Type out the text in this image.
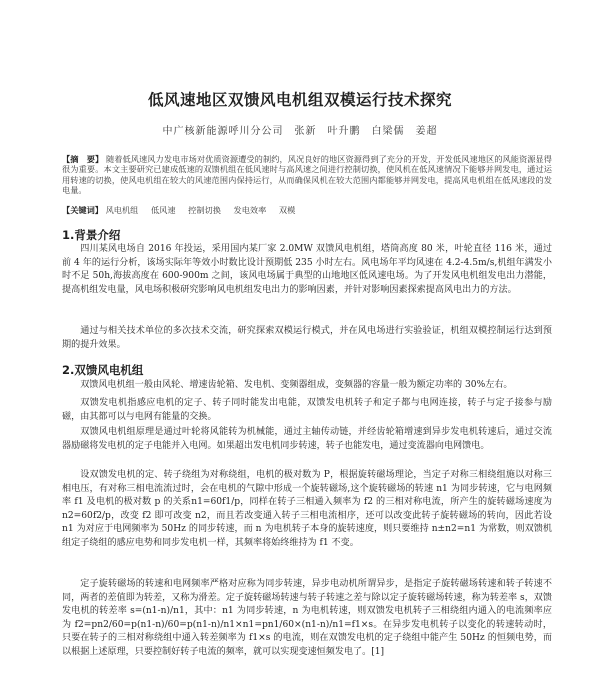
低风速地区双馈风电机组双模运行技术探究
中广核新能源呼川分公司　张新　叶升鹏　白梁儒　姜超
【摘　要】 随着低风速风力发电市场对优质资源遭受的制约，风况良好的地区资源得到了充分的开发，开发低风速地区的风能资源显得很为重要。本文主要研究已建成低速的双馈机组在低风速时与高风速之间进行控制切换，使风机在低风速情况下能够并网发电，通过运用转速的切换，使风电机组在较大的风速范围内保持运行，从而确保风机在较大范围内都能够并网发电，提高风电机组在低风速段的发电量。
【关键词】 风电机组 低风速 控制切换 发电效率 双模
1.背景介绍
四川某风电场自 2016 年投运，采用国内某厂家 2.0MW 双馈风电机组，塔筒高度 80 米，叶轮直径 116 米，通过前 4 年的运行分析，该场实际年等效小时数比设计预期低 235 小时左右。风电场年平均风速在 4.2-4.5m/s,机组年满发小时不足 50h,海拔高度在 600-900m 之间，该风电场属于典型的山地地区低风速电场。为了开发风电机组发电出力潜能，提高机组发电量，风电场积极研究影响风电机组发电出力的影响因素，并针对影响因素探索提高风电出力的方法。
通过与相关技术单位的多次技术交流，研究探索双模运行模式，并在风电场进行实验验证，机组双模控制运行达到预期的提升效果。
2.双馈风电机组
双馈风电机组一般由风轮、增速齿轮箱、发电机、变频器组成，变频器的容量一般为额定功率的 30%左右。
双馈发电机指感应电机的定子、转子同时能发出电能，双馈发电机转子和定子都与电网连接，转子与定子接参与励磁，由其都可以与电网有能量的交换。
双馈风电机组原理是通过叶轮将风能转为机械能，通过主轴传动链，并经齿轮箱增速到异步发电机转速后，通过交流器励磁将发电机的定子电能并入电网。如果超出发电机同步转速，转子也能发电，通过变流器向电网馈电。
设双馈发电机的定、转子绕组为对称绕组，电机的极对数为 P，根据旋转磁场理论，当定子对称三相绕组施以对称三相电压，有对称三相电流流过时，会在电机的气隙中形成一个旋转磁场,这个旋转磁场的转速 n1 为同步转速，它与电网频率 f1 及电机的极对数 p 的关系n1=60f1/p，同样在转子三相通入频率为 f2 的三相对称电流，所产生的旋转磁场速度为 n2=60f2/p，改变 f2 即可改变 n2，而且若改变通入转子三相电流相序，还可以改变此转子旋转磁场的转向，因此若设 n1 为对应于电网频率为 50Hz 的同步转速，而 n 为电机转子本身的旋转速度，则只要维持 n±n2=n1 为常数，则双馈机组定子绕组的感应电势和同步发电机一样，其频率将始终维持为 f1 不变。
定子旋转磁场的转速和电网频率严格对应称为同步转速，异步电动机所谓异步，是指定子旋转磁场转速和转子转速不同，两者的差值即为转差，又称为滑差。定子旋转磁场转速与转子转速之差与除以定子旋转磁场转速，称为转差率 s，双馈发电机的转差率 s=(n1-n)/n1，其中：n1 为同步转速，n 为电机转速，则双馈发电机转子三相绕组内通入的电流频率应为 f2=pn2/60=p(n1-n)/60=p(n1-n)/n1×n1=pn1/60×(n1-n)/n1=f1×s。在异步发电机转子以变化的转速转动时，只要在转子的三相对称绕组中通入转差频率为 f1×s 的电流，则在双馈发电机的定子绕组中能产生 50Hz 的恒频电势，而以根据上述原理，只要控制好转子电流的频率，就可以实现变速恒频发电了。[1]
